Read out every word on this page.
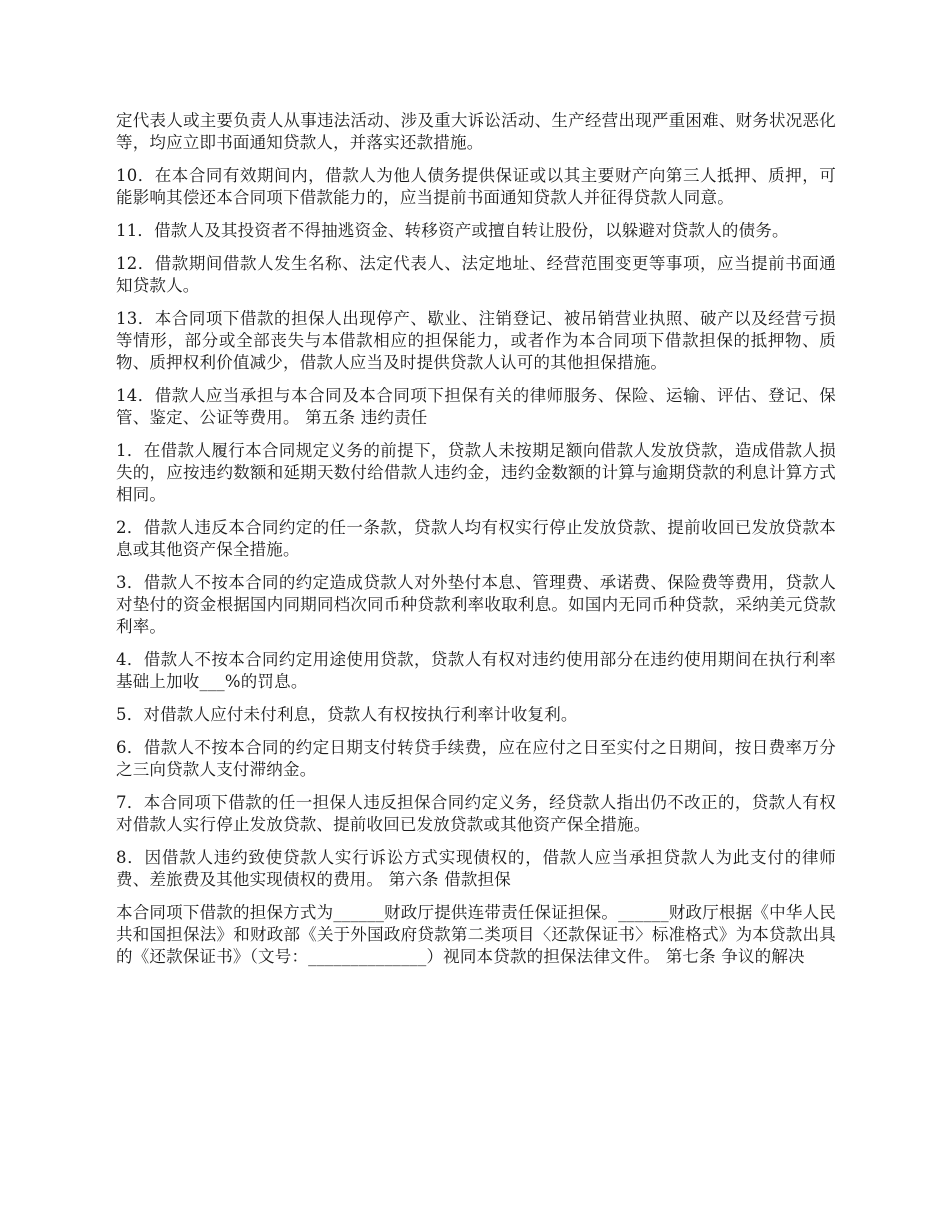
定代表人或主要负责人从事违法活动、涉及重大诉讼活动、生产经营出现严重困难、财务状况恶化等，均应立即书面通知贷款人，并落实还款措施。

10．在本合同有效期间内，借款人为他人债务提供保证或以其主要财产向第三人抵押、质押，可能影响其偿还本合同项下借款能力的，应当提前书面通知贷款人并征得贷款人同意。

11．借款人及其投资者不得抽逃资金、转移资产或擅自转让股份，以躲避对贷款人的债务。

12．借款期间借款人发生名称、法定代表人、法定地址、经营范围变更等事项，应当提前书面通知贷款人。

13．本合同项下借款的担保人出现停产、歇业、注销登记、被吊销营业执照、破产以及经营亏损等情形，部分或全部丧失与本借款相应的担保能力，或者作为本合同项下借款担保的抵押物、质物、质押权利价值减少，借款人应当及时提供贷款人认可的其他担保措施。

14．借款人应当承担与本合同及本合同项下担保有关的律师服务、保险、运输、评估、登记、保管、鉴定、公证等费用。 第五条 违约责任

1．在借款人履行本合同规定义务的前提下，贷款人未按期足额向借款人发放贷款，造成借款人损失的，应按违约数额和延期天数付给借款人违约金，违约金数额的计算与逾期贷款的利息计算方式相同。

2．借款人违反本合同约定的任一条款，贷款人均有权实行停止发放贷款、提前收回已发放贷款本息或其他资产保全措施。

3．借款人不按本合同的约定造成贷款人对外垫付本息、管理费、承诺费、保险费等费用，贷款人对垫付的资金根据国内同期同档次同币种贷款利率收取利息。如国内无同币种贷款，采纳美元贷款利率。

4．借款人不按本合同约定用途使用贷款，贷款人有权对违约使用部分在违约使用期间在执行利率基础上加收___%的罚息。

5．对借款人应付未付利息，贷款人有权按执行利率计收复利。

6．借款人不按本合同的约定日期支付转贷手续费，应在应付之日至实付之日期间，按日费率万分之三向贷款人支付滞纳金。

7．本合同项下借款的任一担保人违反担保合同约定义务，经贷款人指出仍不改正的，贷款人有权对借款人实行停止发放贷款、提前收回已发放贷款或其他资产保全措施。

8．因借款人违约致使贷款人实行诉讼方式实现债权的，借款人应当承担贷款人为此支付的律师费、差旅费及其他实现债权的费用。 第六条 借款担保

本合同项下借款的担保方式为______财政厅提供连带责任保证担保。______财政厅根据《中华人民共和国担保法》和财政部《关于外国政府贷款第二类项目〈还款保证书〉标准格式》为本贷款出具的《还款保证书》（文号：______________）视同本贷款的担保法律文件。 第七条 争议的解决
